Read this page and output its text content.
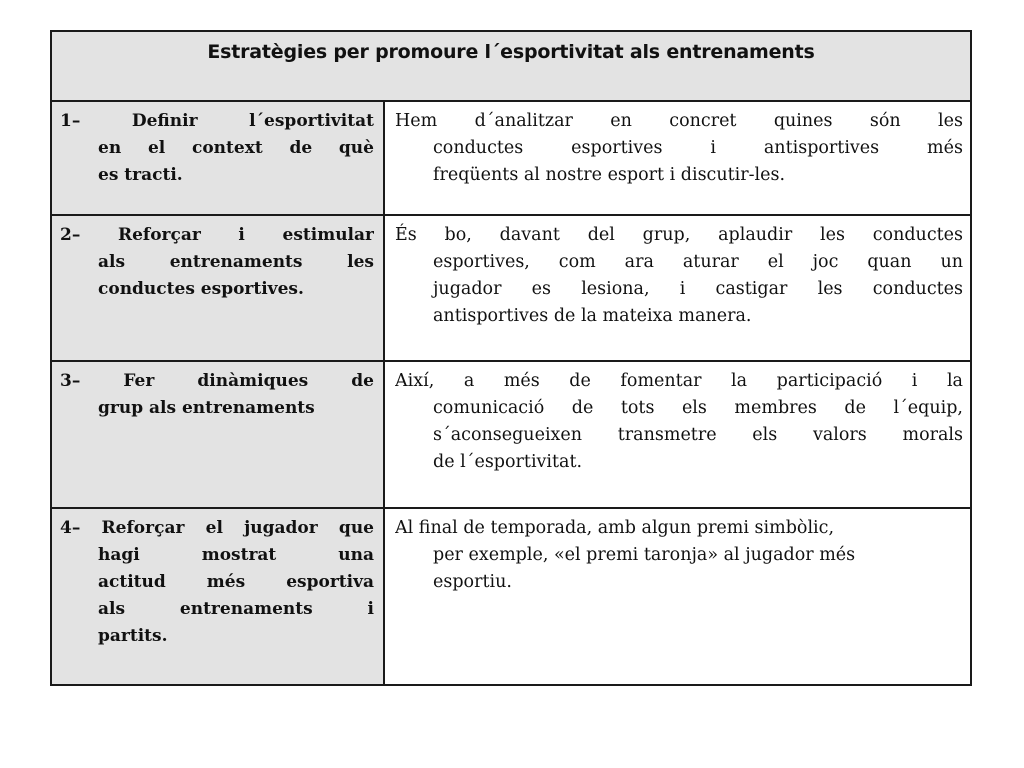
Estratègies per promoure l´esportivitat als entrenaments
1– Definir l´esportivitat
en el context de què
es tracti.
Hem d´analitzar en concret quines són les
conductes esportives i antisportives més
freqüents al nostre esport i discutir-les.
2– Reforçar i estimular
als entrenaments les
conductes esportives.
És bo, davant del grup, aplaudir les conductes
esportives, com ara aturar el joc quan un
jugador es lesiona, i castigar les conductes
antisportives de la mateixa manera.
3– Fer dinàmiques de
grup als entrenaments
Així, a més de fomentar la participació i la
comunicació de tots els membres de l´equip,
s´aconsegueixen transmetre els valors morals
de l´esportivitat.
4– Reforçar el jugador que
hagi mostrat una
actitud més esportiva
als entrenaments i
partits.
Al final de temporada, amb algun premi simbòlic,
per exemple, «el premi taronja» al jugador més
esportiu.
